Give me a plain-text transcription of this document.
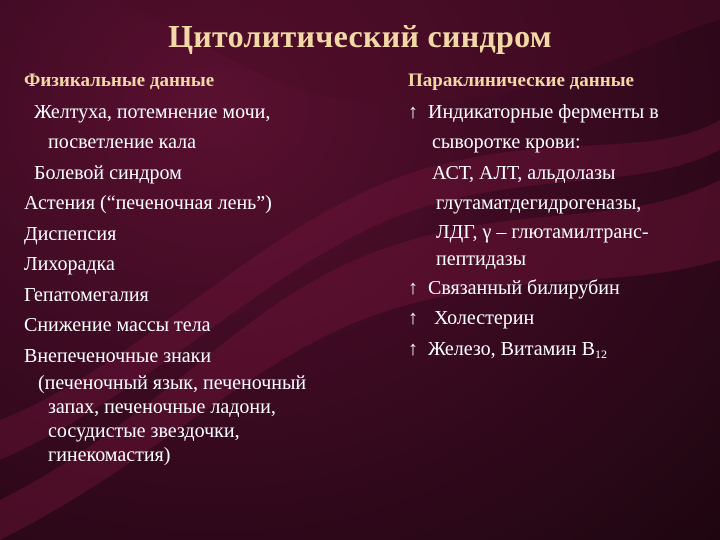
Цитолитический синдром
Физикальные данные
Желтуха, потемнение мочи,
посветление кала
Болевой синдром
Астения (“печеночная лень”)
Диспепсия
Лихорадка
Гепатомегалия
Снижение массы тела
Внепеченочные знаки
(печеночный язык, печеночный
запах, печеночные ладони,
сосудистые звездочки,
гинекомастия)
Параклинические данные
↑ Индикаторные ферменты в
сыворотке крови:
АСТ, АЛТ, альдолазы
глутаматдегидрогеназы,
ЛДГ, γ – глютамилтранс-
пептидазы
↑ Связанный билирубин
↑ Холестерин
↑ Железо, Витамин $В_{12}$
